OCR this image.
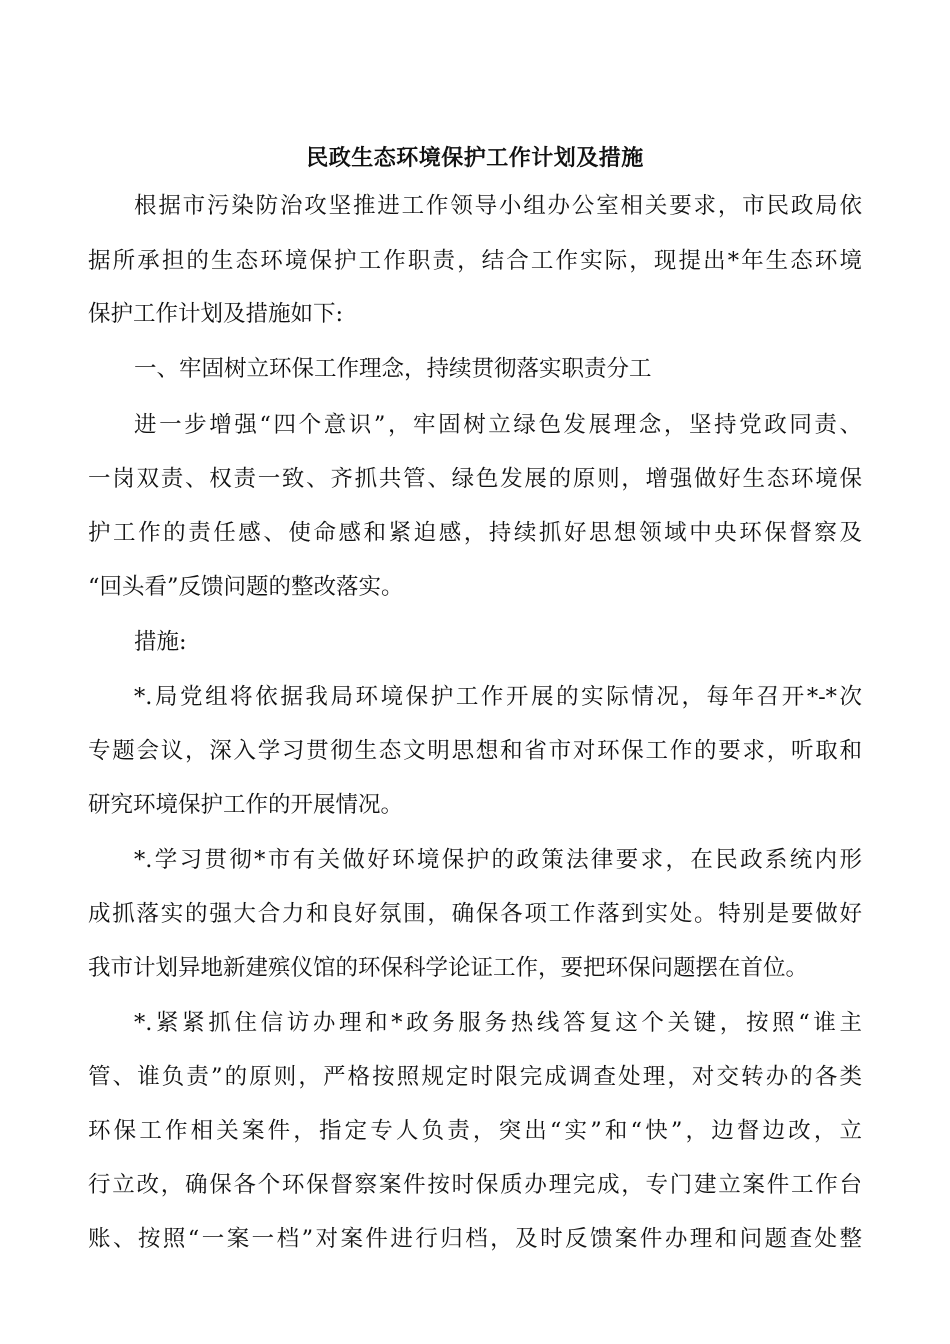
民政生态环境保护工作计划及措施
根据市污染防治攻坚推进工作领导小组办公室相关要求，市民政局依
据所承担的生态环境保护工作职责，结合工作实际，现提出*年生态环境
保护工作计划及措施如下:
一、牢固树立环保工作理念，持续贯彻落实职责分工
进一步增强“四个意识”，牢固树立绿色发展理念，坚持党政同责、
一岗双责、权责一致、齐抓共管、绿色发展的原则，增强做好生态环境保
护工作的责任感、使命感和紧迫感，持续抓好思想领域中央环保督察及
“回头看”反馈问题的整改落实。
措施:
*.局党组将依据我局环境保护工作开展的实际情况，每年召开*-*次
专题会议，深入学习贯彻生态文明思想和省市对环保工作的要求，听取和
研究环境保护工作的开展情况。
*.学习贯彻*市有关做好环境保护的政策法律要求，在民政系统内形
成抓落实的强大合力和良好氛围，确保各项工作落到实处。特别是要做好
我市计划异地新建殡仪馆的环保科学论证工作，要把环保问题摆在首位。
*.紧紧抓住信访办理和*政务服务热线答复这个关键，按照“谁主
管、谁负责”的原则，严格按照规定时限完成调查处理，对交转办的各类
环保工作相关案件，指定专人负责，突出“实”和“快”，边督边改，立
行立改，确保各个环保督察案件按时保质办理完成，专门建立案件工作台
账、按照“一案一档”对案件进行归档，及时反馈案件办理和问题查处整
